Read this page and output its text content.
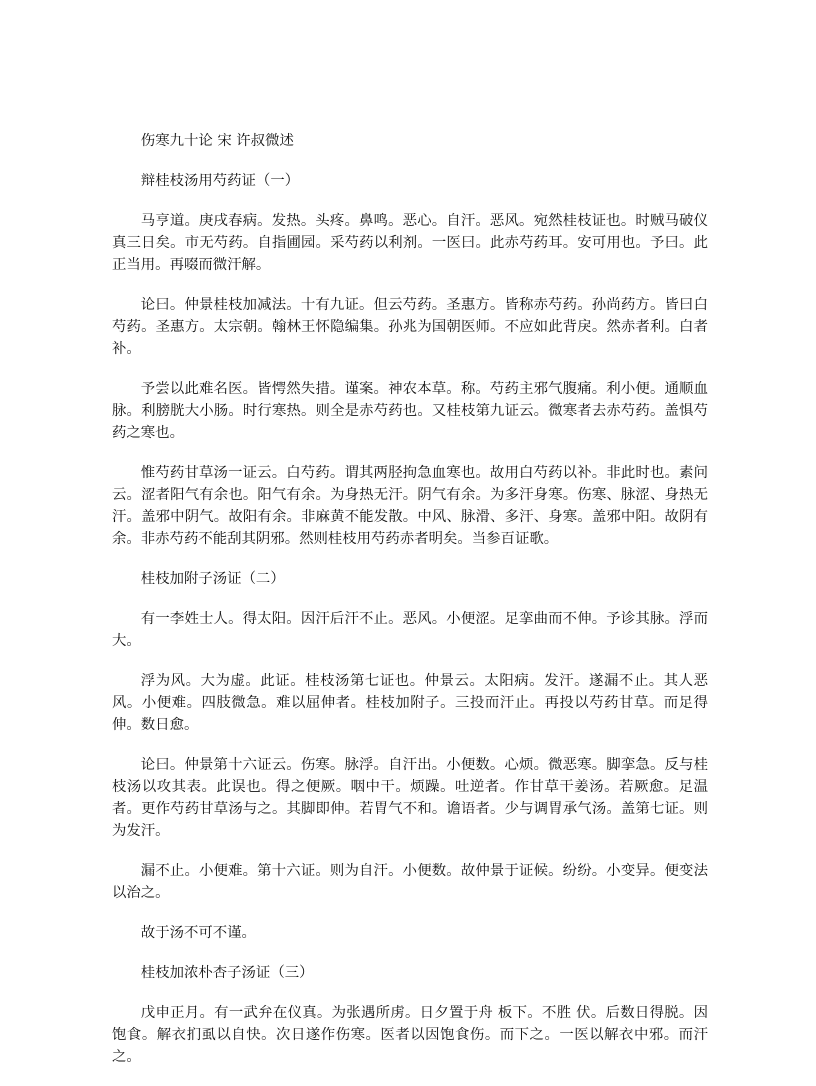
伤寒九十论 宋 许叔微述

辩桂枝汤用芍药证（一）

马亨道。庚戌春病。发热。头疼。鼻鸣。恶心。自汗。恶风。宛然桂枝证也。时贼马破仪真三日矣。市无芍药。自指圃园。采芍药以利剂。一医曰。此赤芍药耳。安可用也。予曰。此正当用。再啜而微汗解。

论曰。仲景桂枝加减法。十有九证。但云芍药。圣惠方。皆称赤芍药。孙尚药方。皆曰白芍药。圣惠方。太宗朝。翰林王怀隐编集。孙兆为国朝医师。不应如此背戾。然赤者利。白者补。

予尝以此难名医。皆愕然失措。谨案。神农本草。称。芍药主邪气腹痛。利小便。通顺血脉。利膀胱大小肠。时行寒热。则全是赤芍药也。又桂枝第九证云。微寒者去赤芍药。盖惧芍药之寒也。

惟芍药甘草汤一证云。白芍药。谓其两胫拘急血寒也。故用白芍药以补。非此时也。素问云。涩者阳气有余也。阳气有余。为身热无汗。阴气有余。为多汗身寒。伤寒、脉涩、身热无汗。盖邪中阴气。故阳有余。非麻黄不能发散。中风、脉滑、多汗、身寒。盖邪中阳。故阴有余。非赤芍药不能刮其阴邪。然则桂枝用芍药赤者明矣。当参百证歌。

桂枝加附子汤证（二）

有一李姓士人。得太阳。因汗后汗不止。恶风。小便涩。足挛曲而不伸。予诊其脉。浮而大。

浮为风。大为虚。此证。桂枝汤第七证也。仲景云。太阳病。发汗。遂漏不止。其人恶风。小便难。四肢微急。难以屈伸者。桂枝加附子。三投而汗止。再投以芍药甘草。而足得伸。数日愈。

论曰。仲景第十六证云。伤寒。脉浮。自汗出。小便数。心烦。微恶寒。脚挛急。反与桂枝汤以攻其表。此误也。得之便厥。咽中干。烦躁。吐逆者。作甘草干姜汤。若厥愈。足温者。更作芍药甘草汤与之。其脚即伸。若胃气不和。谵语者。少与调胃承气汤。盖第七证。则为发汗。

漏不止。小便难。第十六证。则为自汗。小便数。故仲景于证候。纷纷。小变异。便变法以治之。

故于汤不可不谨。

桂枝加浓朴杏子汤证（三）

戊申正月。有一武弁在仪真。为张遇所虏。日夕置于舟 板下。不胜 伏。后数日得脱。因饱食。解衣扪虱以自快。次日遂作伤寒。医者以因饱食伤。而下之。一医以解衣中邪。而汗之。
